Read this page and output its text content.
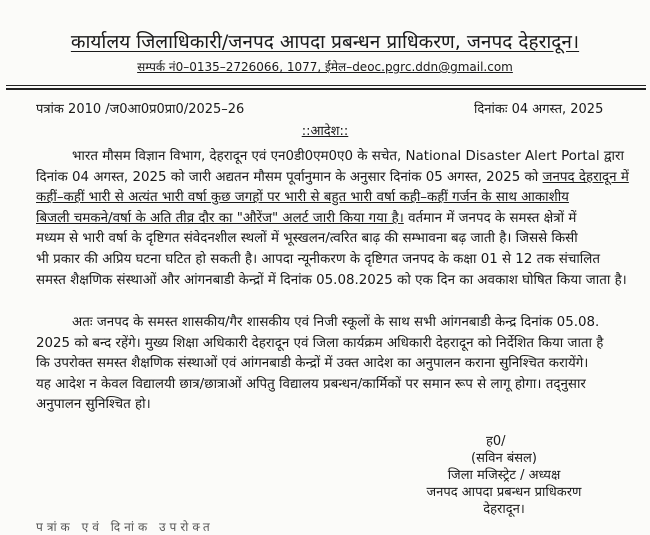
कार्यालय जिलाधिकारी/जनपद आपदा प्रबन्धन प्राधिकरण, जनपद देहरादून।
सम्पर्क नं0–0135–2726066, 1077, ईमेल–deoc.pgrc.ddn@gmail.com
पत्रांक 2010 /ज0आ0प्र0प्रा0/2025–26	दिनांकः 04 अगस्त, 2025
::आदेश::
भारत मौसम विज्ञान विभाग, देहरादून एवं एन0डी0एम0ए0 के सचेत, National Disaster Alert Portal द्वारा
दिनांक 04 अगस्त, 2025 को जारी अद्यतन मौसम पूर्वानुमान के अनुसार दिनांक 05 अगस्त, 2025 को जनपद देहरादून में
कहीं–कहीं भारी से अत्यंत भारी वर्षा कुछ जगहों पर भारी से बहुत भारी वर्षा कही–कहीं गर्जन के साथ आकाशीय
बिजली चमकने/वर्षा के अति तीव्र दौर का "औरेंज" अलर्ट जारी किया गया है। वर्तमान में जनपद के समस्त क्षेत्रों में
मध्यम से भारी वर्षा के दृष्टिगत संवेदनशील स्थलों में भूस्खलन/त्वरित बाढ़ की सम्भावना बढ़ जाती है। जिससे किसी
भी प्रकार की अप्रिय घटना घटित हो सकती है। आपदा न्यूनीकरण के दृष्टिगत जनपद के कक्षा 01 से 12 तक संचालित
समस्त शैक्षणिक संस्थाओं और आंगनबाडी केन्द्रों में दिनांक 05.08.2025 को एक दिन का अवकाश घोषित किया जाता है।
अतः जनपद के समस्त शासकीय/गैर शासकीय एवं निजी स्कूलों के साथ सभी आंगनबाडी केन्द्र दिनांक 05.08.
2025 को बन्द रहेंगे। मुख्य शिक्षा अधिकारी देहरादून एवं जिला कार्यक्रम अधिकारी देहरादून को निर्देशित किया जाता है
कि उपरोक्त समस्त शैक्षणिक संस्थाओं एवं आंगनबाडी केन्द्रों में उक्त आदेश का अनुपालन कराना सुनिश्चित करायेंगे।
यह आदेश न केवल विद्यालयी छात्र/छात्राओं अपितु विद्यालय प्रबन्धन/कार्मिकों पर समान रूप से लागू होगा। तद्नुसार
अनुपालन सुनिश्चित हो।
ह0/
(सविन बंसल)
जिला मजिस्ट्रेट / अध्यक्ष
जनपद आपदा प्रबन्धन प्राधिकरण
देहरादून।
पत्रांक एवं दिनांक उपरोक्त
